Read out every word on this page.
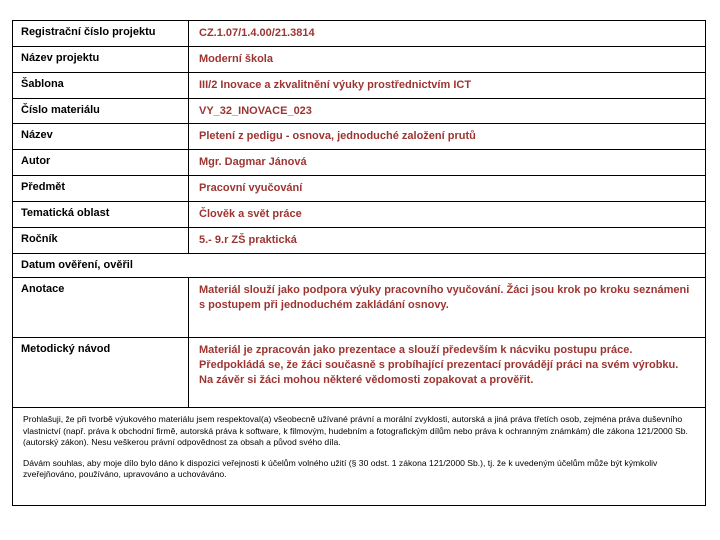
Registrační číslo projektu	CZ.1.07/1.4.00/21.3814
Název projektu	Moderní škola
Šablona	III/2 Inovace a zkvalitnění výuky prostřednictvím ICT
Číslo materiálu	VY_32_INOVACE_023
Název	Pletení z pedigu - osnova, jednoduché založení prutů
Autor	Mgr. Dagmar Jánová
Předmět	Pracovní vyučování
Tematická oblast	Člověk a svět práce
Ročník	5.- 9.r ZŠ praktická
Datum ověření, ověřil
Anotace	Materiál slouží jako podpora výuky pracovního vyučování. Žáci jsou krok po kroku seznámeni s postupem při jednoduchém zakládání osnovy.
Metodický návod	Materiál je zpracován jako prezentace a slouží především k nácviku postupu práce. Předpokládá se, že žáci současně s probíhající prezentací provádějí práci na svém výrobku. Na závěr si žáci mohou některé vědomosti zopakovat a prověřit.

Prohlašuji, že při tvorbě výukového materiálu jsem respektoval(a) všeobecně užívané právní a morální zvyklosti, autorská a jiná práva třetích osob, zejména práva duševního vlastnictví (např. práva k obchodní firmě, autorská práva k software, k filmovým, hudebním a fotografickým dílům nebo práva k ochranným známkám) dle zákona 121/2000 Sb. (autorský zákon). Nesu veškerou právní odpovědnost za obsah a původ svého díla.

Dávám souhlas, aby moje dílo bylo dáno k dispozici veřejnosti k účelům volného užití (§ 30 odst. 1 zákona 121/2000 Sb.), tj. že k uvedeným účelům může být kýmkoliv zveřejňováno, používáno, upravováno a uchováváno.
